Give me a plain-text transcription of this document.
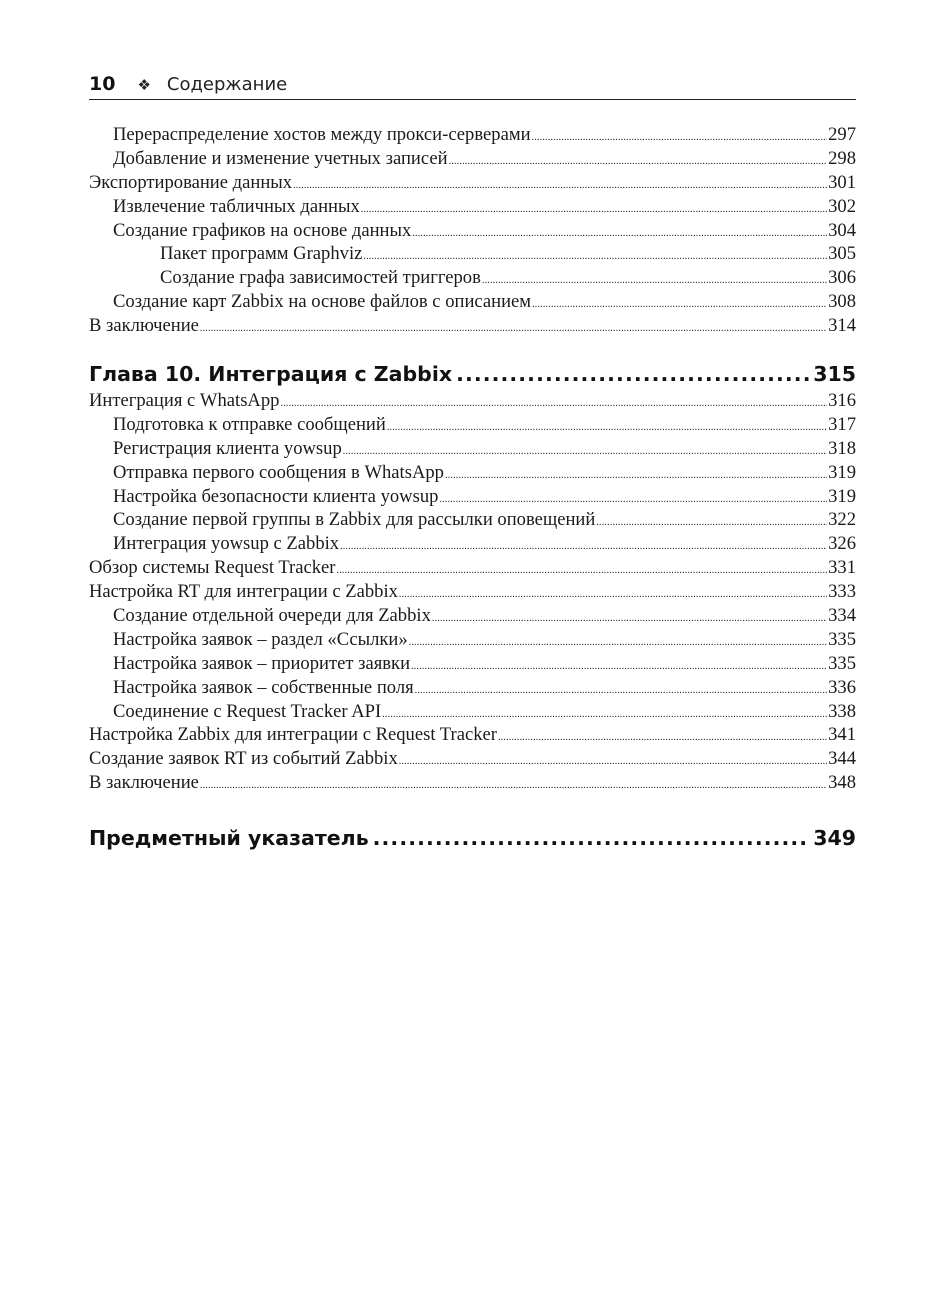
10 ❖ Содержание
Перераспределение хостов между прокси-серверами .....	297
Добавление и изменение учетных записей .....	298
Экспортирование данных .....	301
Извлечение табличных данных .....	302
Создание графиков на основе данных .....	304
Пакет программ Graphviz .....	305
Создание графа зависимостей триггеров .....	306
Создание карт Zabbix на основе файлов с описанием .....	308
В заключение .....	314
Глава 10. Интеграция с Zabbix .....	315
Интеграция с WhatsApp .....	316
Подготовка к отправке сообщений .....	317
Регистрация клиента yowsup .....	318
Отправка первого сообщения в WhatsApp .....	319
Настройка безопасности клиента yowsup .....	319
Создание первой группы в Zabbix для рассылки оповещений .....	322
Интеграция yowsup с Zabbix .....	326
Обзор системы Request Tracker .....	331
Настройка RT для интеграции с Zabbix .....	333
Создание отдельной очереди для Zabbix .....	334
Настройка заявок – раздел «Ссылки» .....	335
Настройка заявок – приоритет заявки .....	335
Настройка заявок – собственные поля .....	336
Соединение с Request Tracker API .....	338
Настройка Zabbix для интеграции с Request Tracker .....	341
Создание заявок RT из событий Zabbix .....	344
В заключение .....	348
Предметный указатель .....	349
